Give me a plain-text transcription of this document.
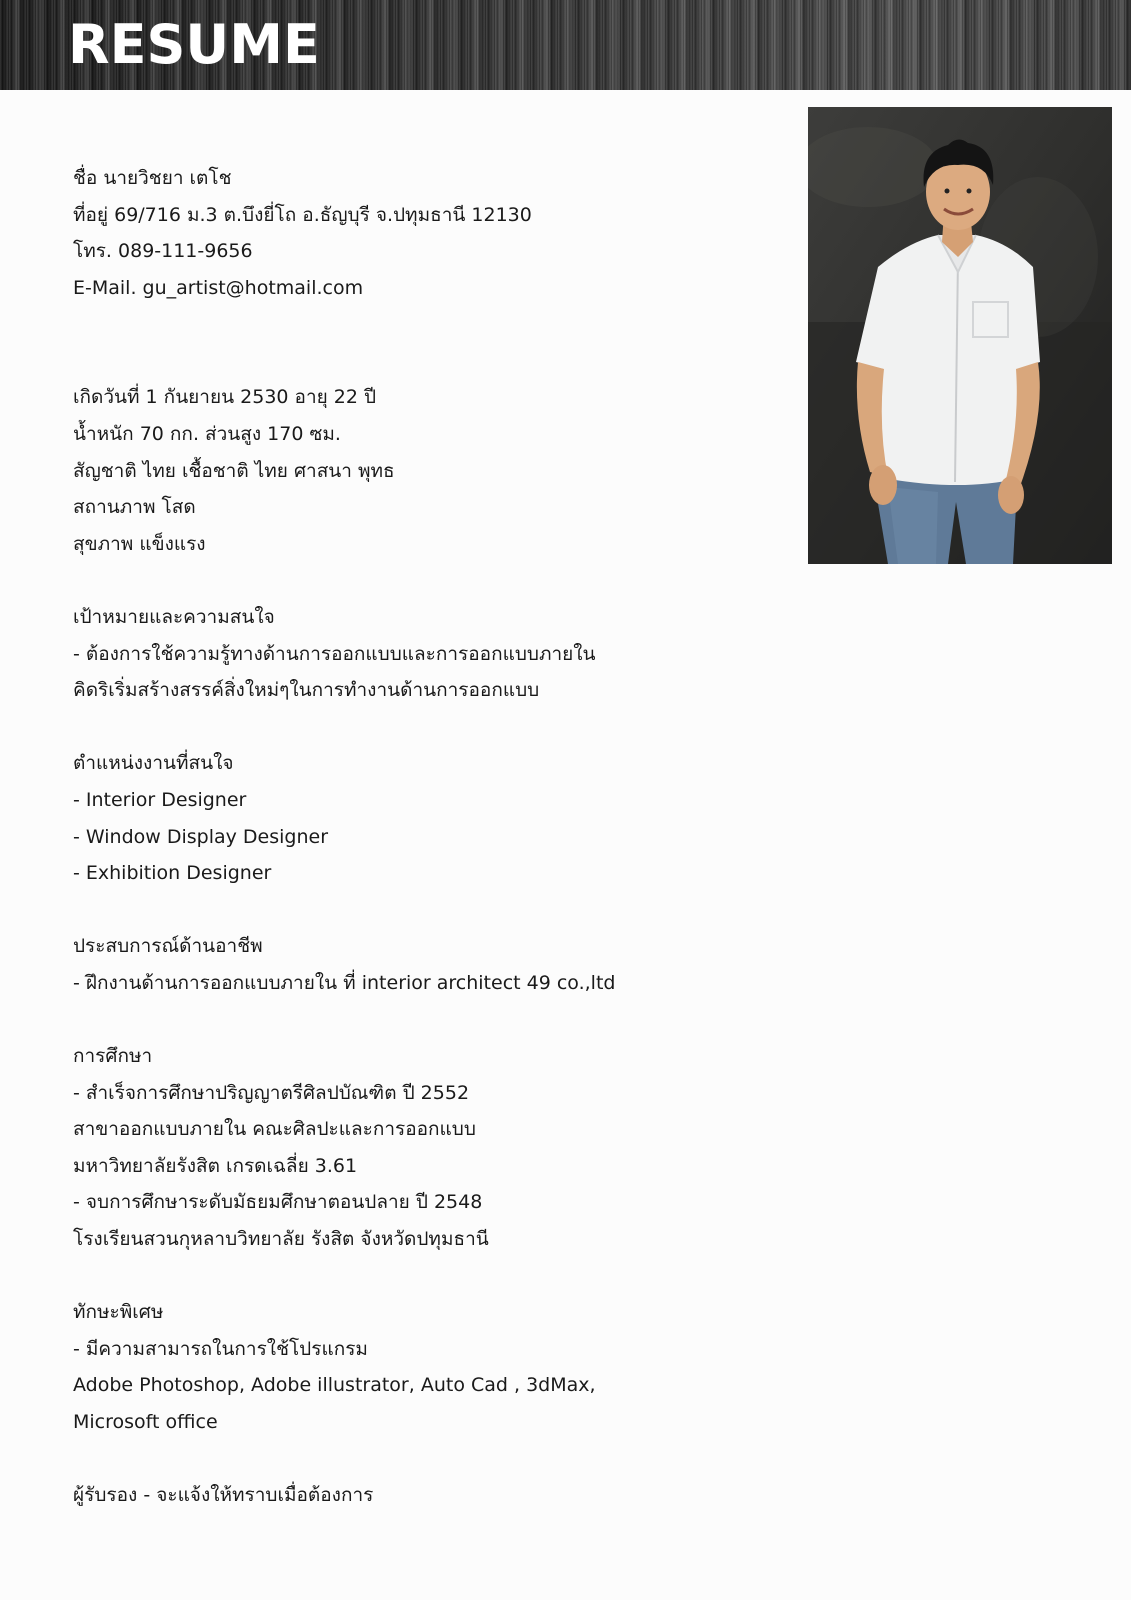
RESUME
ชื่อ นายวิชยา เตโช
ที่อยู่ 69/716 ม.3 ต.บึงยี่โถ อ.ธัญบุรี จ.ปทุมธานี 12130
โทร. 089-111-9656
E-Mail. gu_artist@hotmail.com
เกิดวันที่ 1 กันยายน 2530 อายุ 22 ปี
น้ำหนัก 70 กก. ส่วนสูง 170 ซม.
สัญชาติ ไทย เชื้อชาติ ไทย ศาสนา พุทธ
สถานภาพ โสด
สุขภาพ แข็งแรง
เป้าหมายและความสนใจ
- ต้องการใช้ความรู้ทางด้านการออกแบบและการออกแบบภายใน
คิดริเริ่มสร้างสรรค์สิ่งใหม่ๆในการทำงานด้านการออกแบบ
ตำแหน่งงานที่สนใจ
- Interior Designer
- Window Display Designer
- Exhibition Designer
ประสบการณ์ด้านอาชีพ
- ฝึกงานด้านการออกแบบภายใน ที่ interior architect 49 co.,ltd
การศึกษา
- สำเร็จการศึกษาปริญญาตรีศิลปบัณฑิต ปี 2552
สาขาออกแบบภายใน คณะศิลปะและการออกแบบ
มหาวิทยาลัยรังสิต เกรดเฉลี่ย 3.61
- จบการศึกษาระดับมัธยมศึกษาตอนปลาย ปี 2548
โรงเรียนสวนกุหลาบวิทยาลัย รังสิต จังหวัดปทุมธานี
ทักษะพิเศษ
- มีความสามารถในการใช้โปรแกรม
Adobe Photoshop, Adobe illustrator, Auto Cad , 3dMax,
Microsoft office
ผู้รับรอง - จะแจ้งให้ทราบเมื่อต้องการ
